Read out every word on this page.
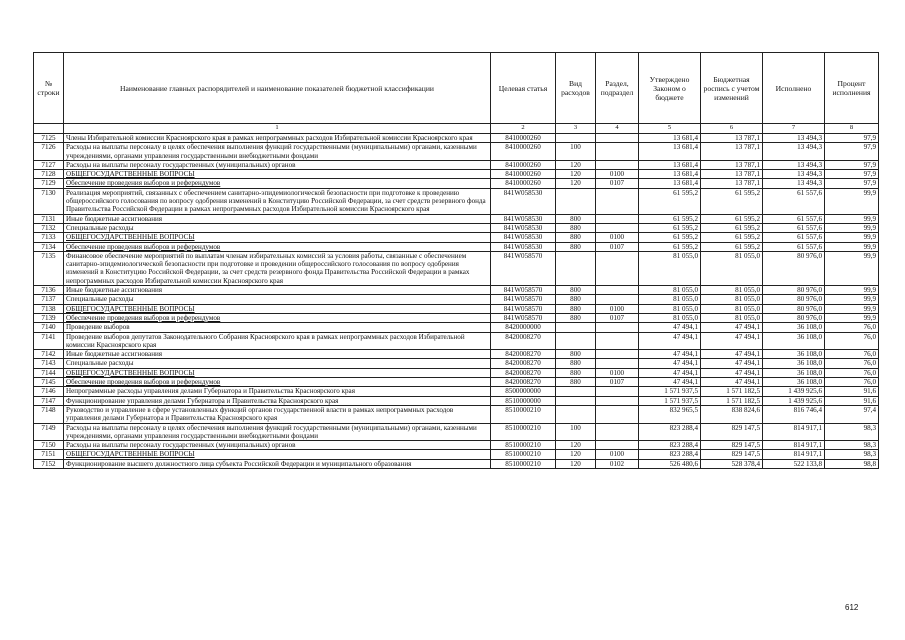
№ строки	Наименование главных распорядителей и наименование показателей бюджетной классификации	Целевая статья	Вид расходов	Раздел, подраздел	Утверждено Законом о бюджете	Бюджетная роспись с учетом изменений	Исполнено	Процент исполнения
	1	2	3	4	5	6	7	8
7125	Члены Избирательной комиссии Красноярского края в рамках непрограммных расходов Избирательной комиссии Красноярского края	8410000260			13 681,4	13 787,1	13 494,3	97,9
7126	Расходы на выплаты персоналу в целях обеспечения выполнения функций государственными (муниципальными) органами, казенными учреждениями, органами управления государственными внебюджетными фондами	8410000260	100		13 681,4	13 787,1	13 494,3	97,9
7127	Расходы на выплаты персоналу государственных (муниципальных) органов	8410000260	120		13 681,4	13 787,1	13 494,3	97,9
7128	ОБЩЕГОСУДАРСТВЕННЫЕ ВОПРОСЫ	8410000260	120	0100	13 681,4	13 787,1	13 494,3	97,9
7129	Обеспечение проведения выборов и референдумов	8410000260	120	0107	13 681,4	13 787,1	13 494,3	97,9
7130	Реализация мероприятий, связанных с обеспечением санитарно-эпидемиологической безопасности при подготовке к проведению общероссийского голосования по вопросу одобрения изменений в Конституцию Российской Федерации, за счет средств резервного фонда Правительства Российской Федерации в рамках непрограммных расходов Избирательной комиссии Красноярского края	841W058530			61 595,2	61 595,2	61 557,6	99,9
7131	Иные бюджетные ассигнования	841W058530	800		61 595,2	61 595,2	61 557,6	99,9
7132	Специальные расходы	841W058530	880		61 595,2	61 595,2	61 557,6	99,9
7133	ОБЩЕГОСУДАРСТВЕННЫЕ ВОПРОСЫ	841W058530	880	0100	61 595,2	61 595,2	61 557,6	99,9
7134	Обеспечение проведения выборов и референдумов	841W058530	880	0107	61 595,2	61 595,2	61 557,6	99,9
7135	Финансовое обеспечение мероприятий по выплатам членам избирательных комиссий за условия работы, связанные с обеспечением санитарно-эпидемиологической безопасности при подготовке и проведении общероссийского голосования по вопросу одобрения изменений в Конституцию Российской Федерации, за счет средств резервного фонда Правительства Российской Федерации в рамках непрограммных расходов Избирательной комиссии Красноярского края	841W058570			81 055,0	81 055,0	80 976,0	99,9
7136	Иные бюджетные ассигнования	841W058570	800		81 055,0	81 055,0	80 976,0	99,9
7137	Специальные расходы	841W058570	880		81 055,0	81 055,0	80 976,0	99,9
7138	ОБЩЕГОСУДАРСТВЕННЫЕ ВОПРОСЫ	841W058570	880	0100	81 055,0	81 055,0	80 976,0	99,9
7139	Обеспечение проведения выборов и референдумов	841W058570	880	0107	81 055,0	81 055,0	80 976,0	99,9
7140	Проведение выборов	8420000000			47 494,1	47 494,1	36 108,0	76,0
7141	Проведение выборов депутатов Законодательного Собрания Красноярского края в рамках непрограммных расходов Избирательной комиссии Красноярского края	8420008270			47 494,1	47 494,1	36 108,0	76,0
7142	Иные бюджетные ассигнования	8420008270	800		47 494,1	47 494,1	36 108,0	76,0
7143	Специальные расходы	8420008270	880		47 494,1	47 494,1	36 108,0	76,0
7144	ОБЩЕГОСУДАРСТВЕННЫЕ ВОПРОСЫ	8420008270	880	0100	47 494,1	47 494,1	36 108,0	76,0
7145	Обеспечение проведения выборов и референдумов	8420008270	880	0107	47 494,1	47 494,1	36 108,0	76,0
7146	Непрограммные расходы управления делами Губернатора и Правительства Красноярского края	8500000000			1 571 937,5	1 571 182,5	1 439 925,6	91,6
7147	Функционирование управления делами Губернатора и Правительства Красноярского края	8510000000			1 571 937,5	1 571 182,5	1 439 925,6	91,6
7148	Руководство и управление в сфере установленных функций органов государственной власти в рамках непрограммных расходов управления делами Губернатора и Правительства Красноярского края	8510000210			832 965,5	838 824,6	816 746,4	97,4
7149	Расходы на выплаты персоналу в целях обеспечения выполнения функций государственными (муниципальными) органами, казенными учреждениями, органами управления государственными внебюджетными фондами	8510000210	100		823 288,4	829 147,5	814 917,1	98,3
7150	Расходы на выплаты персоналу государственных (муниципальных) органов	8510000210	120		823 288,4	829 147,5	814 917,1	98,3
7151	ОБЩЕГОСУДАРСТВЕННЫЕ ВОПРОСЫ	8510000210	120	0100	823 288,4	829 147,5	814 917,1	98,3
7152	Функционирование высшего должностного лица субъекта Российской Федерации и муниципального образования	8510000210	120	0102	526 480,6	528 378,4	522 133,8	98,8
612
